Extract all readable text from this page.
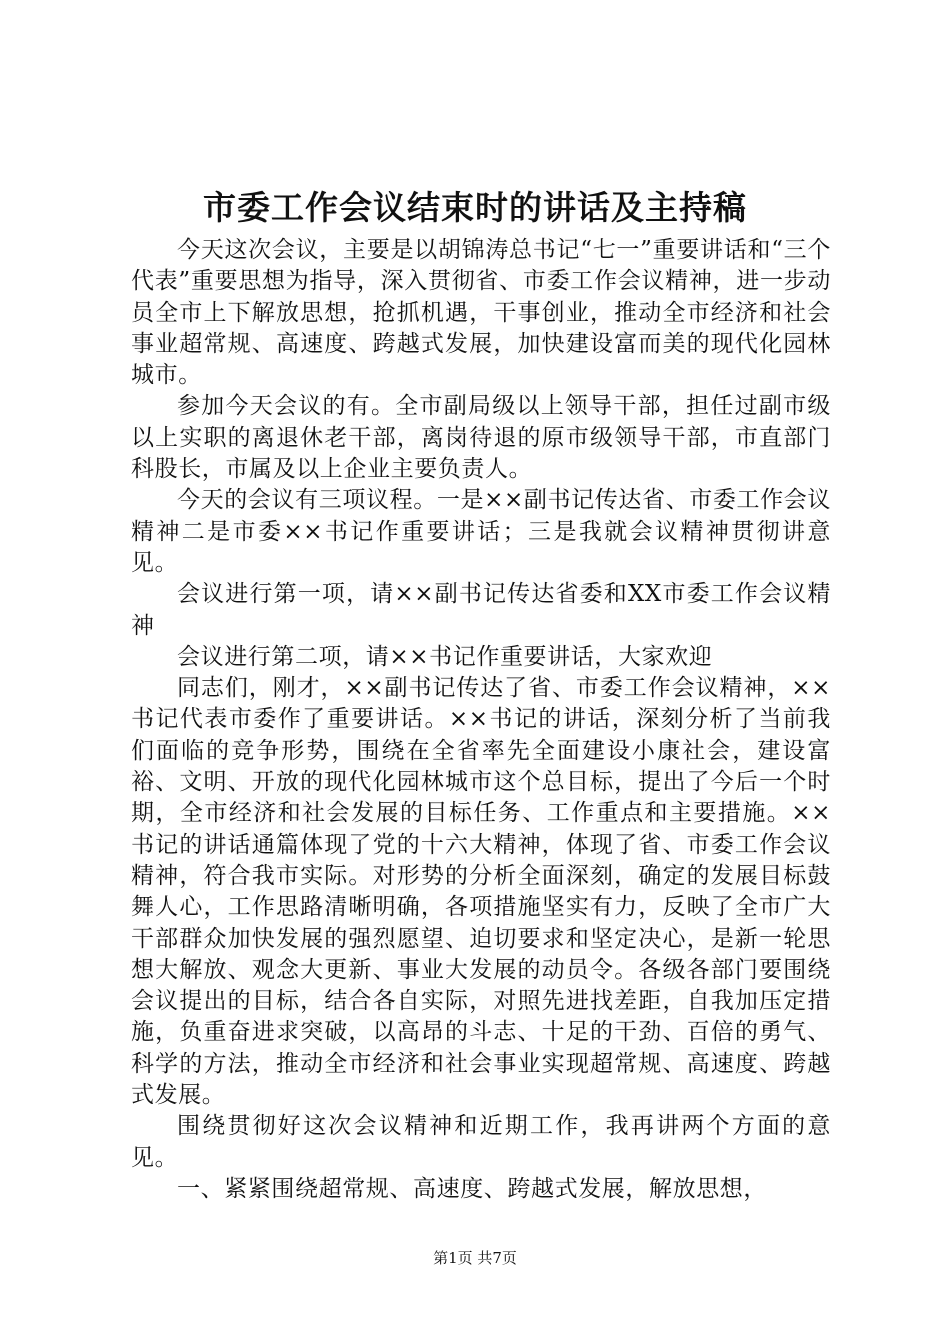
市委工作会议结束时的讲话及主持稿

今天这次会议，主要是以胡锦涛总书记“七一”重要讲话和“三个代表”重要思想为指导，深入贯彻省、市委工作会议精神，进一步动员全市上下解放思想，抢抓机遇，干事创业，推动全市经济和社会事业超常规、高速度、跨越式发展，加快建设富而美的现代化园林城市。

参加今天会议的有。全市副局级以上领导干部，担任过副市级以上实职的离退休老干部，离岗待退的原市级领导干部，市直部门科股长，市属及以上企业主要负责人。

今天的会议有三项议程。一是××副书记传达省、市委工作会议精神二是市委××书记作重要讲话；三是我就会议精神贯彻讲意见。

会议进行第一项，请××副书记传达省委和XX市委工作会议精神

会议进行第二项，请××书记作重要讲话，大家欢迎

同志们，刚才，××副书记传达了省、市委工作会议精神，××书记代表市委作了重要讲话。××书记的讲话，深刻分析了当前我们面临的竞争形势，围绕在全省率先全面建设小康社会，建设富裕、文明、开放的现代化园林城市这个总目标，提出了今后一个时期，全市经济和社会发展的目标任务、工作重点和主要措施。××书记的讲话通篇体现了党的十六大精神，体现了省、市委工作会议精神，符合我市实际。对形势的分析全面深刻，确定的发展目标鼓舞人心，工作思路清晰明确，各项措施坚实有力，反映了全市广大干部群众加快发展的强烈愿望、迫切要求和坚定决心，是新一轮思想大解放、观念大更新、事业大发展的动员令。各级各部门要围绕会议提出的目标，结合各自实际，对照先进找差距，自我加压定措施，负重奋进求突破，以高昂的斗志、十足的干劲、百倍的勇气、科学的方法，推动全市经济和社会事业实现超常规、高速度、跨越式发展。

围绕贯彻好这次会议精神和近期工作，我再讲两个方面的意见。

一、紧紧围绕超常规、高速度、跨越式发展，解放思想，

第1页 共7页
